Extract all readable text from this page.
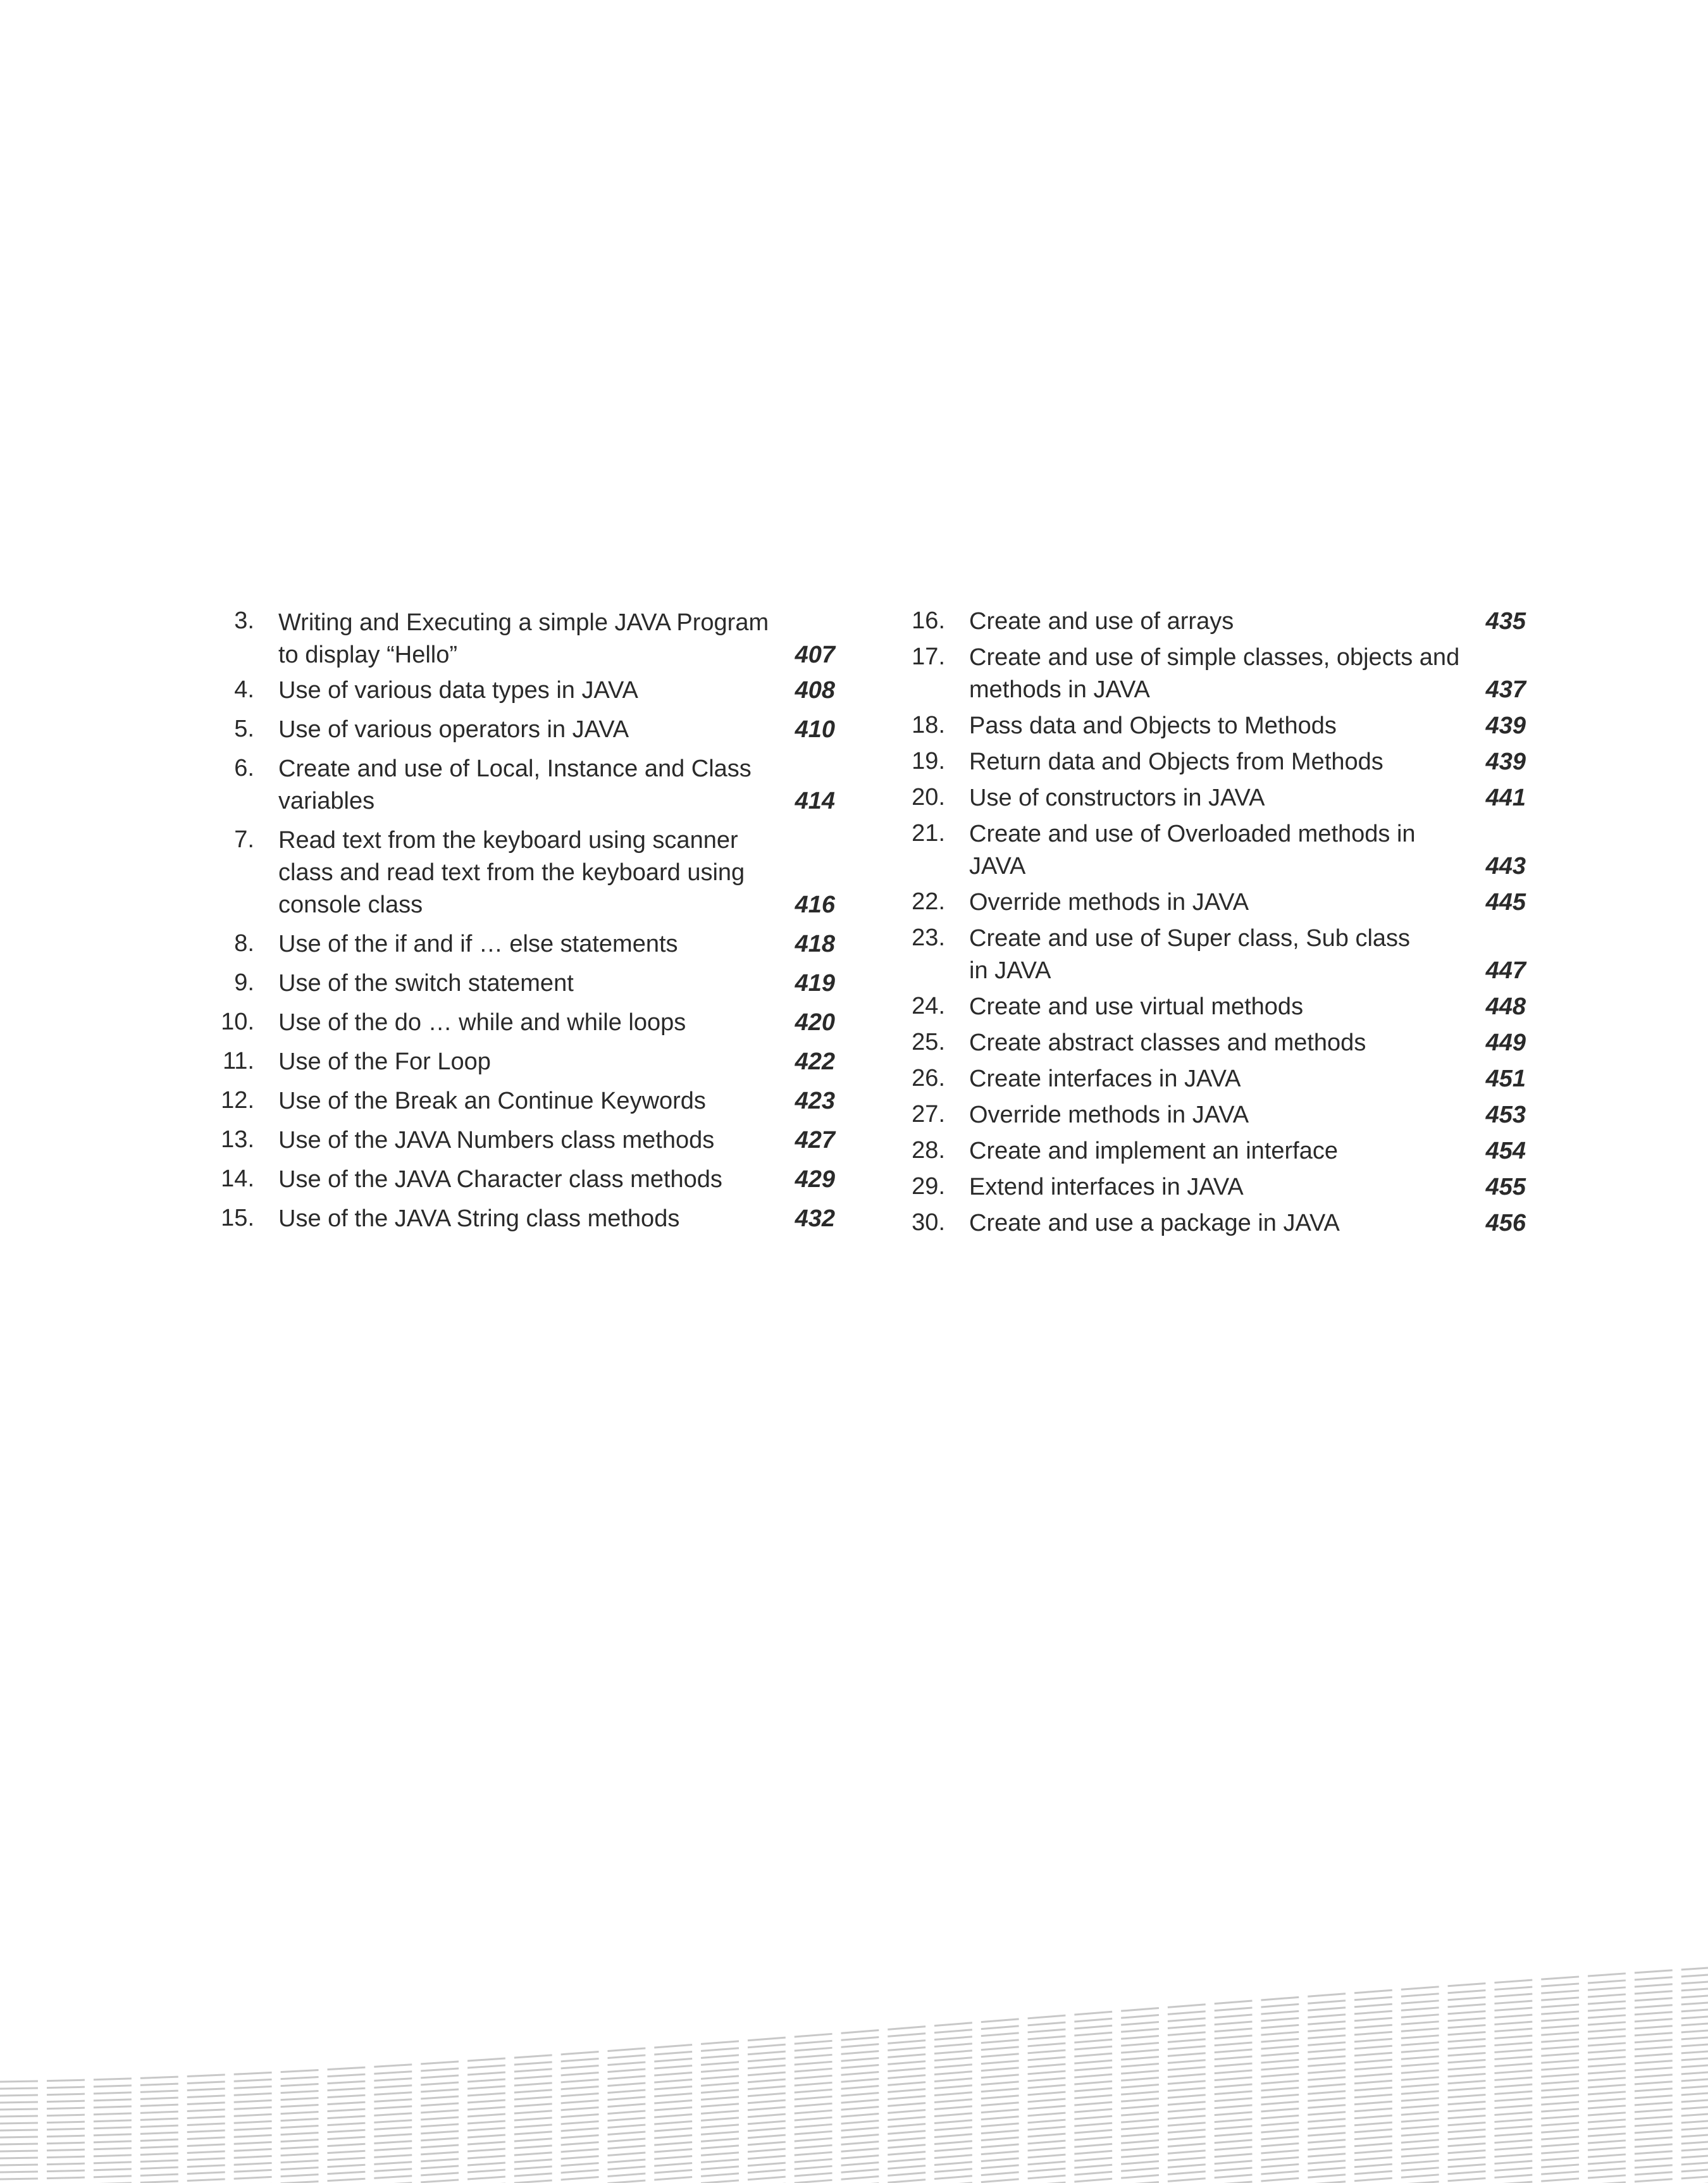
3.	Writing and Executing a simple JAVA Program to display “Hello”	407
4.	Use of various data types in JAVA	408
5.	Use of various operators in JAVA	410
6.	Create and use of Local, Instance and Class variables	414
7.	Read text from the keyboard using scanner class and read text from the keyboard using console class	416
8.	Use of the if and if … else statements	418
9.	Use of the switch statement	419
10.	Use of the do … while and while loops	420
11.	Use of the For Loop	422
12.	Use of the Break an Continue Keywords	423
13.	Use of the JAVA Numbers class methods	427
14.	Use of the JAVA Character class methods	429
15.	Use of the JAVA String class methods	432
16.	Create and use of arrays	435
17.	Create and use of simple classes, objects and methods in JAVA	437
18.	Pass data and Objects to Methods	439
19.	Return data and Objects from Methods	439
20.	Use of constructors in JAVA	441
21.	Create and use of Overloaded methods in JAVA	443
22.	Override methods in JAVA	445
23.	Create and use of Super class, Sub class in JAVA	447
24.	Create and use virtual methods	448
25.	Create abstract classes and methods	449
26.	Create interfaces in JAVA	451
27.	Override methods in JAVA	453
28.	Create and implement an interface	454
29.	Extend interfaces in JAVA	455
30.	Create and use a package in JAVA	456
